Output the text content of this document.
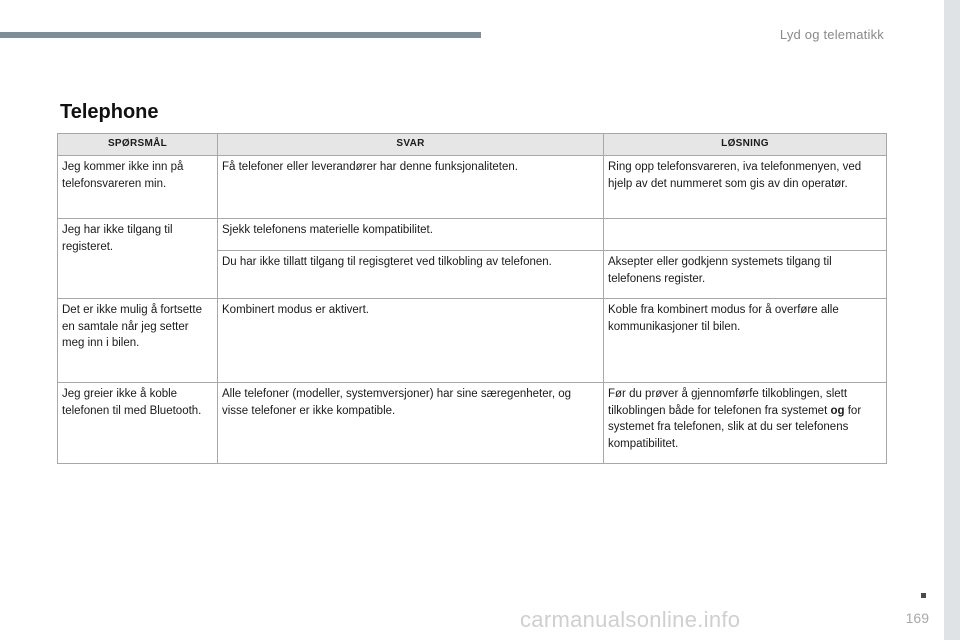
Lyd og telematikk
Telephone
SPØRSMÅL	SVAR	LØSNING
Jeg kommer ikke inn på telefonsvareren min.	Få telefoner eller leverandører har denne funksjonaliteten.	Ring opp telefonsvareren, iva telefonmenyen, ved hjelp av det nummeret som gis av din operatør.
Jeg har ikke tilgang til registeret.	Sjekk telefonens materielle kompatibilitet.	
	Du har ikke tillatt tilgang til regisgteret ved tilkobling av telefonen.	Aksepter eller godkjenn systemets tilgang til telefonens register.
Det er ikke mulig å fortsette en samtale når jeg setter meg inn i bilen.	Kombinert modus er aktivert.	Koble fra kombinert modus for å overføre alle kommunikasjoner til bilen.
Jeg greier ikke å koble telefonen til med Bluetooth.	Alle telefoner (modeller, systemversjoner) har sine særegenheter, og visse telefoner er ikke kompatible.	Før du prøver å gjennomførfe tilkoblingen, slett tilkoblingen både for telefonen fra systemet og for systemet fra telefonen, slik at du ser telefonens kompatibilitet.
carmanualsonline.info	169
